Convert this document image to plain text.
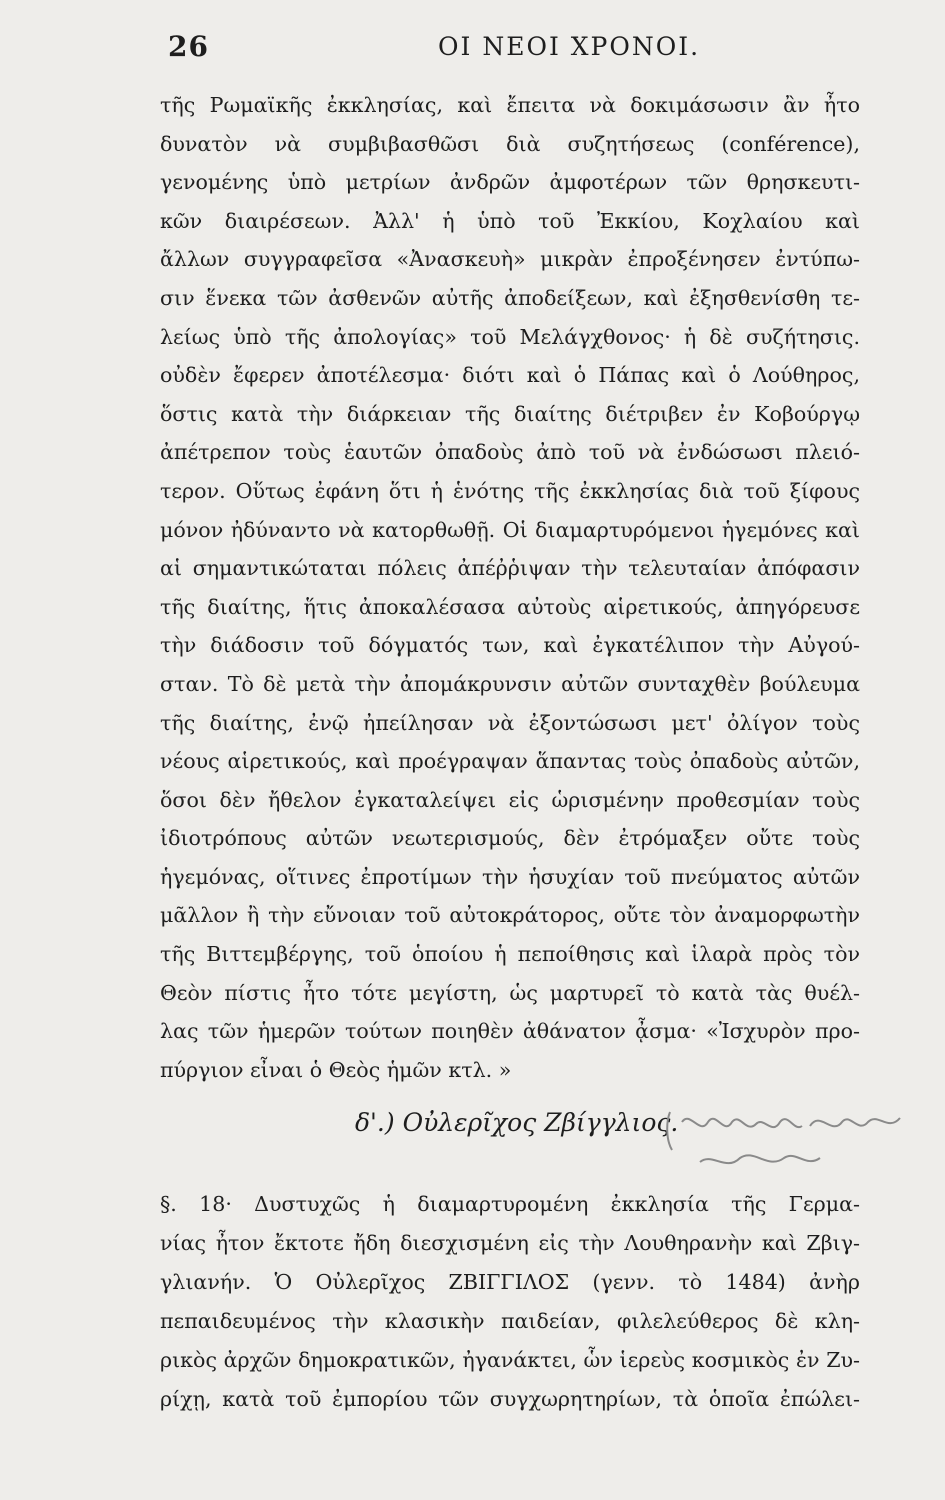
26	ΟΙ ΝΕΟΙ ΧΡΟΝΟΙ.
τῆς Ρωμαϊκῆς ἐκκλησίας, καὶ ἔπειτα νὰ δοκιμάσωσιν ἂν ἦτο
δυνατὸν νὰ συμβιβασθῶσι διὰ συζητήσεως (conférence),
γενομένης ὑπὸ μετρίων ἀνδρῶν ἀμφοτέρων τῶν θρησκευτι-
κῶν διαιρέσεων. Ἀλλ' ἡ ὑπὸ τοῦ Ἐκκίου, Κοχλαίου καὶ
ἄλλων συγγραφεῖσα «Ἀνασκευὴ» μικρὰν ἐπροξένησεν ἐντύπω-
σιν ἕνεκα τῶν ἀσθενῶν αὐτῆς ἀποδείξεων, καὶ ἐξησθενίσθη τε-
λείως ὑπὸ τῆς ἀπολογίας» τοῦ Μελάγχθονος· ἡ δὲ συζήτησις.
οὐδὲν ἔφερεν ἀποτέλεσμα· διότι καὶ ὁ Πάπας καὶ ὁ Λούθηρος,
ὅστις κατὰ τὴν διάρκειαν τῆς διαίτης διέτριβεν ἐν Κοβούργῳ
ἀπέτρεπον τοὺς ἑαυτῶν ὀπαδοὺς ἀπὸ τοῦ νὰ ἐνδώσωσι πλειό-
τερον. Οὕτως ἐφάνη ὅτι ἡ ἑνότης τῆς ἐκκλησίας διὰ τοῦ ξίφους
μόνον ἠδύναντο νὰ κατορθωθῇ. Οἱ διαμαρτυρόμενοι ἡγεμόνες καὶ
αἱ σημαντικώταται πόλεις ἀπέῤῥιψαν τὴν τελευταίαν ἀπόφασιν
τῆς διαίτης, ἥτις ἀποκαλέσασα αὐτοὺς αἱρετικούς, ἀπηγόρευσε
τὴν διάδοσιν τοῦ δόγματός των, καὶ ἐγκατέλιπον τὴν Αὐγού-
σταν. Τὸ δὲ μετὰ τὴν ἀπομάκρυνσιν αὐτῶν συνταχθὲν βούλευμα
τῆς διαίτης, ἐνῷ ἠπείλησαν νὰ ἐξοντώσωσι μετ' ὀλίγον τοὺς
νέους αἱρετικούς, καὶ προέγραψαν ἅπαντας τοὺς ὀπαδοὺς αὐτῶν,
ὅσοι δὲν ἤθελον ἐγκαταλείψει εἰς ὡρισμένην προθεσμίαν τοὺς
ἰδιοτρόπους αὐτῶν νεωτερισμούς, δὲν ἐτρόμαξεν οὔτε τοὺς
ἡγεμόνας, οἵτινες ἐπροτίμων τὴν ἡσυχίαν τοῦ πνεύματος αὐτῶν
μᾶλλον ἢ τὴν εὔνοιαν τοῦ αὐτοκράτορος, οὔτε τὸν ἀναμορφωτὴν
τῆς Βιττεμβέργης, τοῦ ὁποίου ἡ πεποίθησις καὶ ἱλαρὰ πρὸς τὸν
Θεὸν πίστις ἦτο τότε μεγίστη, ὡς μαρτυρεῖ τὸ κατὰ τὰς θυέλ-
λας τῶν ἡμερῶν τούτων ποιηθὲν ἀθάνατον ᾆσμα· «Ἰσχυρὸν προ-
πύργιον εἶναι ὁ Θεὸς ἡμῶν κτλ. »
δ'.) Οὐλερῖχος Ζβίγγλιος.
§. 18· Δυστυχῶς ἡ διαμαρτυρομένη ἐκκλησία τῆς Γερμα-
νίας ἦτον ἔκτοτε ἤδη διεσχισμένη εἰς τὴν Λουθηρανὴν καὶ Ζβιγ-
γλιανήν. Ὁ Οὐλερῖχος ΖΒΙΓΓΙΛΟΣ (γενν. τὸ 1484) ἀνὴρ
πεπαιδευμένος τὴν κλασικὴν παιδείαν, φιλελεύθερος δὲ κλη-
ρικὸς ἀρχῶν δημοκρατικῶν, ἠγανάκτει, ὧν ἱερεὺς κοσμικὸς ἐν Ζυ-
ρίχῃ, κατὰ τοῦ ἐμπορίου τῶν συγχωρητηρίων, τὰ ὁποῖα ἐπώλει-
